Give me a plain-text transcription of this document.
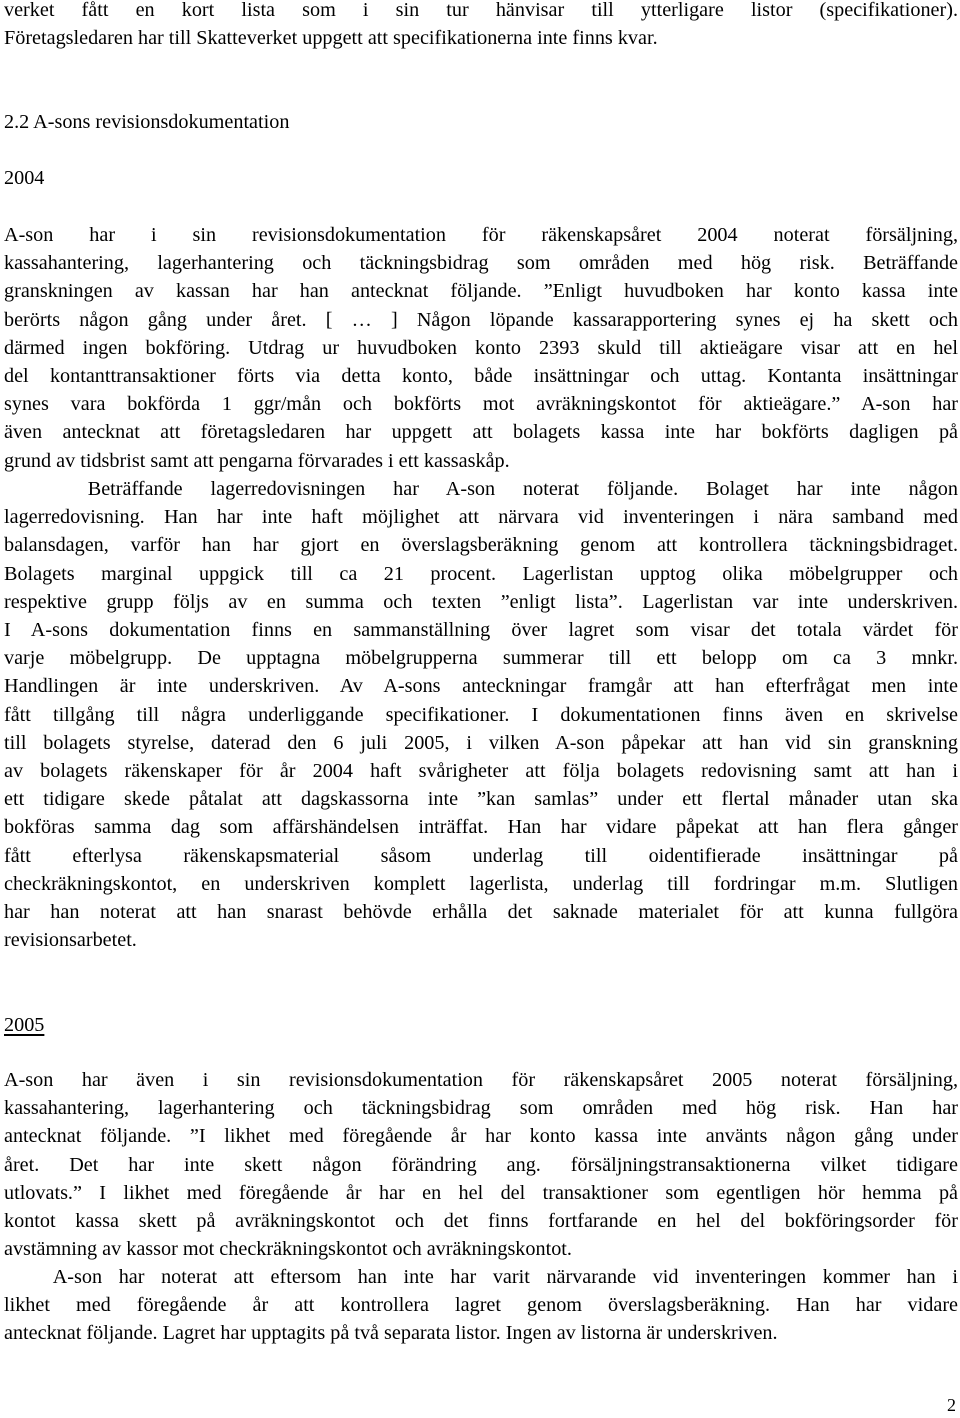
verket fått en kort lista som i sin tur hänvisar till ytterligare listor (specifikationer).
Företagsledaren har till Skatteverket uppgett att specifikationerna inte finns kvar.
2.2 A-sons revisionsdokumentation
2004
A-son har i sin revisionsdokumentation för räkenskapsåret 2004 noterat försäljning,
kassahantering, lagerhantering och täckningsbidrag som områden med hög risk. Beträffande
granskningen av kassan har han antecknat följande. ”Enligt huvudboken har konto kassa inte
berörts någon gång under året. [ … ] Någon löpande kassarapportering synes ej ha skett och
därmed ingen bokföring. Utdrag ur huvudboken konto 2393 skuld till aktieägare visar att en hel
del kontanttransaktioner förts via detta konto, både insättningar och uttag. Kontanta insättningar
synes vara bokförda 1 ggr/mån och bokförts mot avräkningskontot för aktieägare.” A-son har
även antecknat att företagsledaren har uppgett att bolagets kassa inte har bokförts dagligen på
grund av tidsbrist samt att pengarna förvarades i ett kassaskåp.
Beträffande lagerredovisningen har A-son noterat följande. Bolaget har inte någon
lagerredovisning. Han har inte haft möjlighet att närvara vid inventeringen i nära samband med
balansdagen, varför han har gjort en överslagsberäkning genom att kontrollera täckningsbidraget.
Bolagets marginal uppgick till ca 21 procent. Lagerlistan upptog olika möbelgrupper och
respektive grupp följs av en summa och texten ”enligt lista”. Lagerlistan var inte underskriven.
I A-sons dokumentation finns en sammanställning över lagret som visar det totala värdet för
varje möbelgrupp. De upptagna möbelgrupperna summerar till ett belopp om ca 3 mnkr.
Handlingen är inte underskriven. Av A-sons anteckningar framgår att han efterfrågat men inte
fått tillgång till några underliggande specifikationer. I dokumentationen finns även en skrivelse
till bolagets styrelse, daterad den 6 juli 2005, i vilken A-son påpekar att han vid sin granskning
av bolagets räkenskaper för år 2004 haft svårigheter att följa bolagets redovisning samt att han i
ett tidigare skede påtalat att dagskassorna inte ”kan samlas” under ett flertal månader utan ska
bokföras samma dag som affärshändelsen inträffat. Han har vidare påpekat att han flera gånger
fått efterlysa räkenskapsmaterial såsom underlag till oidentifierade insättningar på
checkräkningskontot, en underskriven komplett lagerlista, underlag till fordringar m.m. Slutligen
har han noterat att han snarast behövde erhålla det saknade materialet för att kunna fullgöra
revisionsarbetet.
2005
A-son har även i sin revisionsdokumentation för räkenskapsåret 2005 noterat försäljning,
kassahantering, lagerhantering och täckningsbidrag som områden med hög risk. Han har
antecknat följande. ”I likhet med föregående år har konto kassa inte använts någon gång under
året. Det har inte skett någon förändring ang. försäljningstransaktionerna vilket tidigare
utlovats.” I likhet med föregående år har en hel del transaktioner som egentligen hör hemma på
kontot kassa skett på avräkningskontot och det finns fortfarande en hel del bokföringsorder för
avstämning av kassor mot checkräkningskontot och avräkningskontot.
A-son har noterat att eftersom han inte har varit närvarande vid inventeringen kommer han i
likhet med föregående år att kontrollera lagret genom överslagsberäkning. Han har vidare
antecknat följande. Lagret har upptagits på två separata listor. Ingen av listorna är underskriven.
2
